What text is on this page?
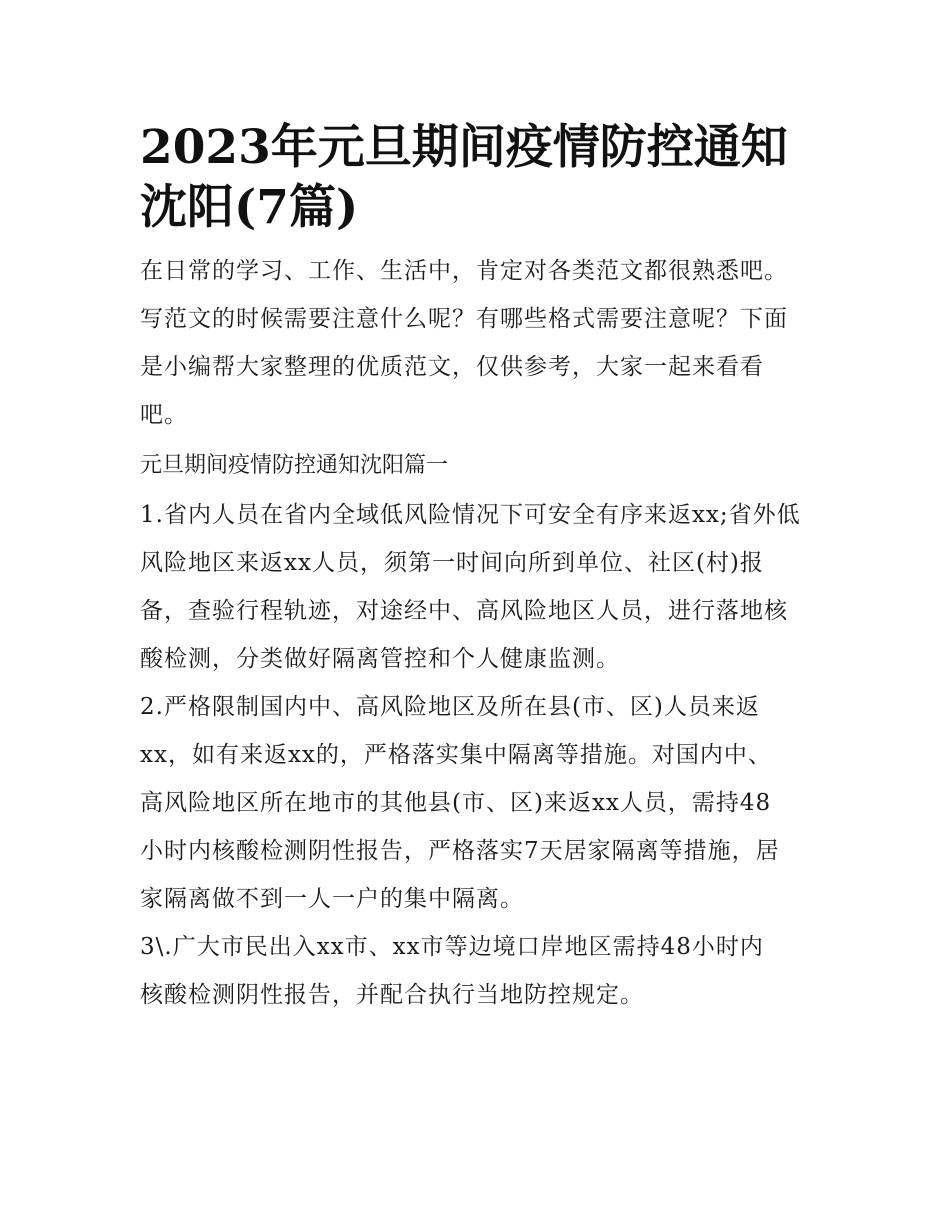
2023年元旦期间疫情防控通知
沈阳(7篇)
在日常的学习、工作、生活中，肯定对各类范文都很熟悉吧。
写范文的时候需要注意什么呢？有哪些格式需要注意呢？下面
是小编帮大家整理的优质范文，仅供参考，大家一起来看看
吧。
元旦期间疫情防控通知沈阳篇一
1.省内人员在省内全域低风险情况下可安全有序来返xx;省外低
风险地区来返xx人员，须第一时间向所到单位、社区(村)报
备，查验行程轨迹，对途经中、高风险地区人员，进行落地核
酸检测，分类做好隔离管控和个人健康监测。
2.严格限制国内中、高风险地区及所在县(市、区)人员来返
xx，如有来返xx的，严格落实集中隔离等措施。对国内中、
高风险地区所在地市的其他县(市、区)来返xx人员，需持48
小时内核酸检测阴性报告，严格落实7天居家隔离等措施，居
家隔离做不到一人一户的集中隔离。
3\.广大市民出入xx市、xx市等边境口岸地区需持48小时内
核酸检测阴性报告，并配合执行当地防控规定。
